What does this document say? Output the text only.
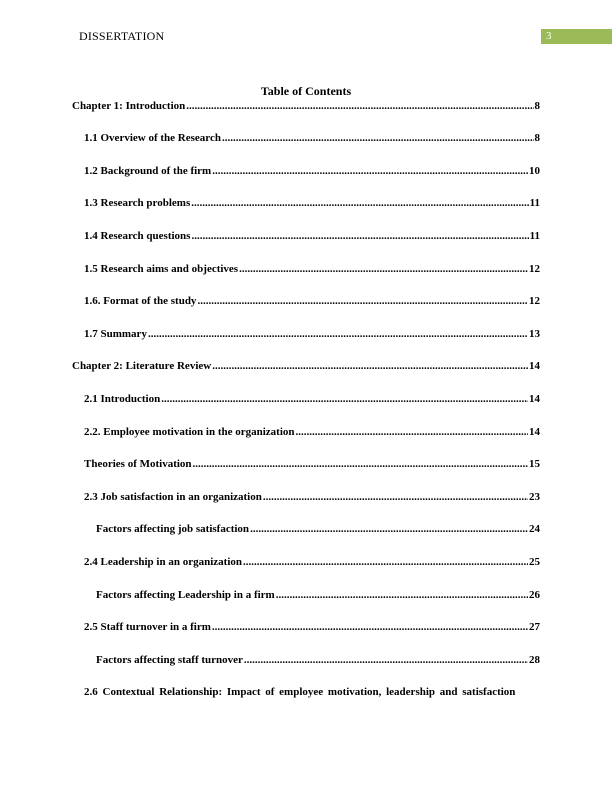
DISSERTATION	3
Table of Contents
Chapter 1: Introduction .....	8
1.1 Overview of the Research .....	8
1.2 Background of the firm .....	10
1.3 Research problems .....	11
1.4 Research questions .....	11
1.5 Research aims and objectives .....	12
1.6. Format of the study .....	12
1.7 Summary .....	13
Chapter 2: Literature Review .....	14
2.1 Introduction .....	14
2.2. Employee motivation in the organization .....	14
Theories of Motivation .....	15
2.3 Job satisfaction in an organization .....	23
Factors affecting job satisfaction .....	24
2.4 Leadership in an organization .....	25
Factors affecting Leadership in a firm .....	26
2.5 Staff turnover in a firm .....	27
Factors affecting staff turnover .....	28
2.6 Contextual Relationship: Impact of employee motivation, leadership and satisfaction
